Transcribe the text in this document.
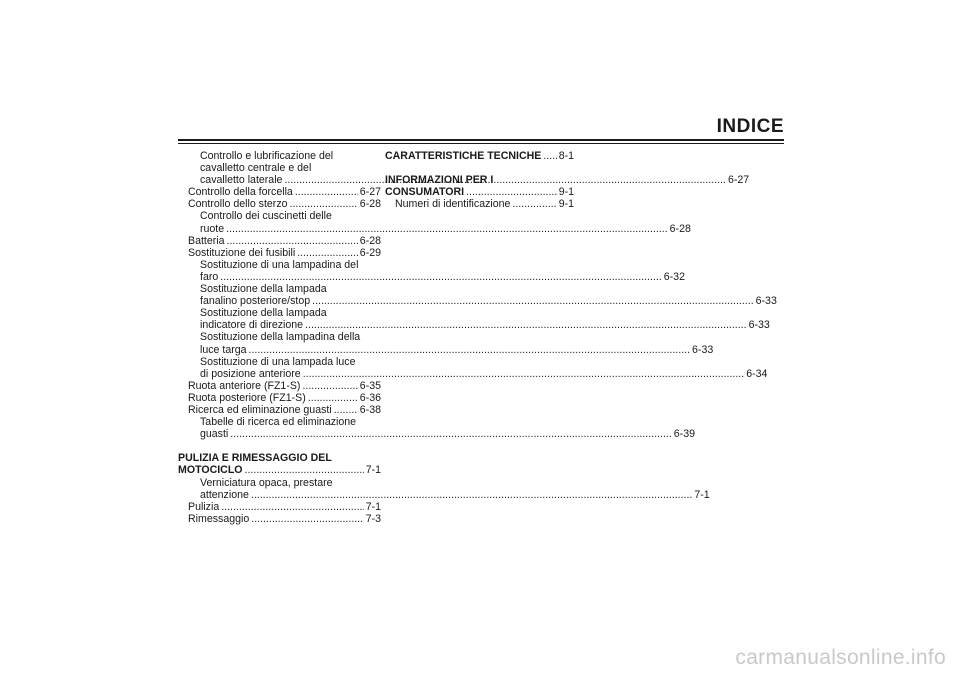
INDICE
Controllo e lubrificazione del
cavalletto centrale e del
cavalletto laterale .....	6-27
Controllo della forcella .....	6-27
Controllo dello sterzo .....	6-28
Controllo dei cuscinetti delle
ruote .....	6-28
Batteria .....	6-28
Sostituzione dei fusibili .....	6-29
Sostituzione di una lampadina del
faro .....	6-32
Sostituzione della lampada
fanalino posteriore/stop .....	6-33
Sostituzione della lampada
indicatore di direzione .....	6-33
Sostituzione della lampadina della
luce targa .....	6-33
Sostituzione di una lampada luce
di posizione anteriore .....	6-34
Ruota anteriore (FZ1-S) .....	6-35
Ruota posteriore (FZ1-S) .....	6-36
Ricerca ed eliminazione guasti .....	6-38
Tabelle di ricerca ed eliminazione
guasti .....	6-39
PULIZIA E RIMESSAGGIO DEL
MOTOCICLO .....	7-1
Verniciatura opaca, prestare
attenzione .....	7-1
Pulizia .....	7-1
Rimessaggio .....	7-3
CARATTERISTICHE TECNICHE ..... 8-1
INFORMAZIONI PER I
CONSUMATORI .....	9-1
Numeri di identificazione .....	9-1
carmanualsonline.info
